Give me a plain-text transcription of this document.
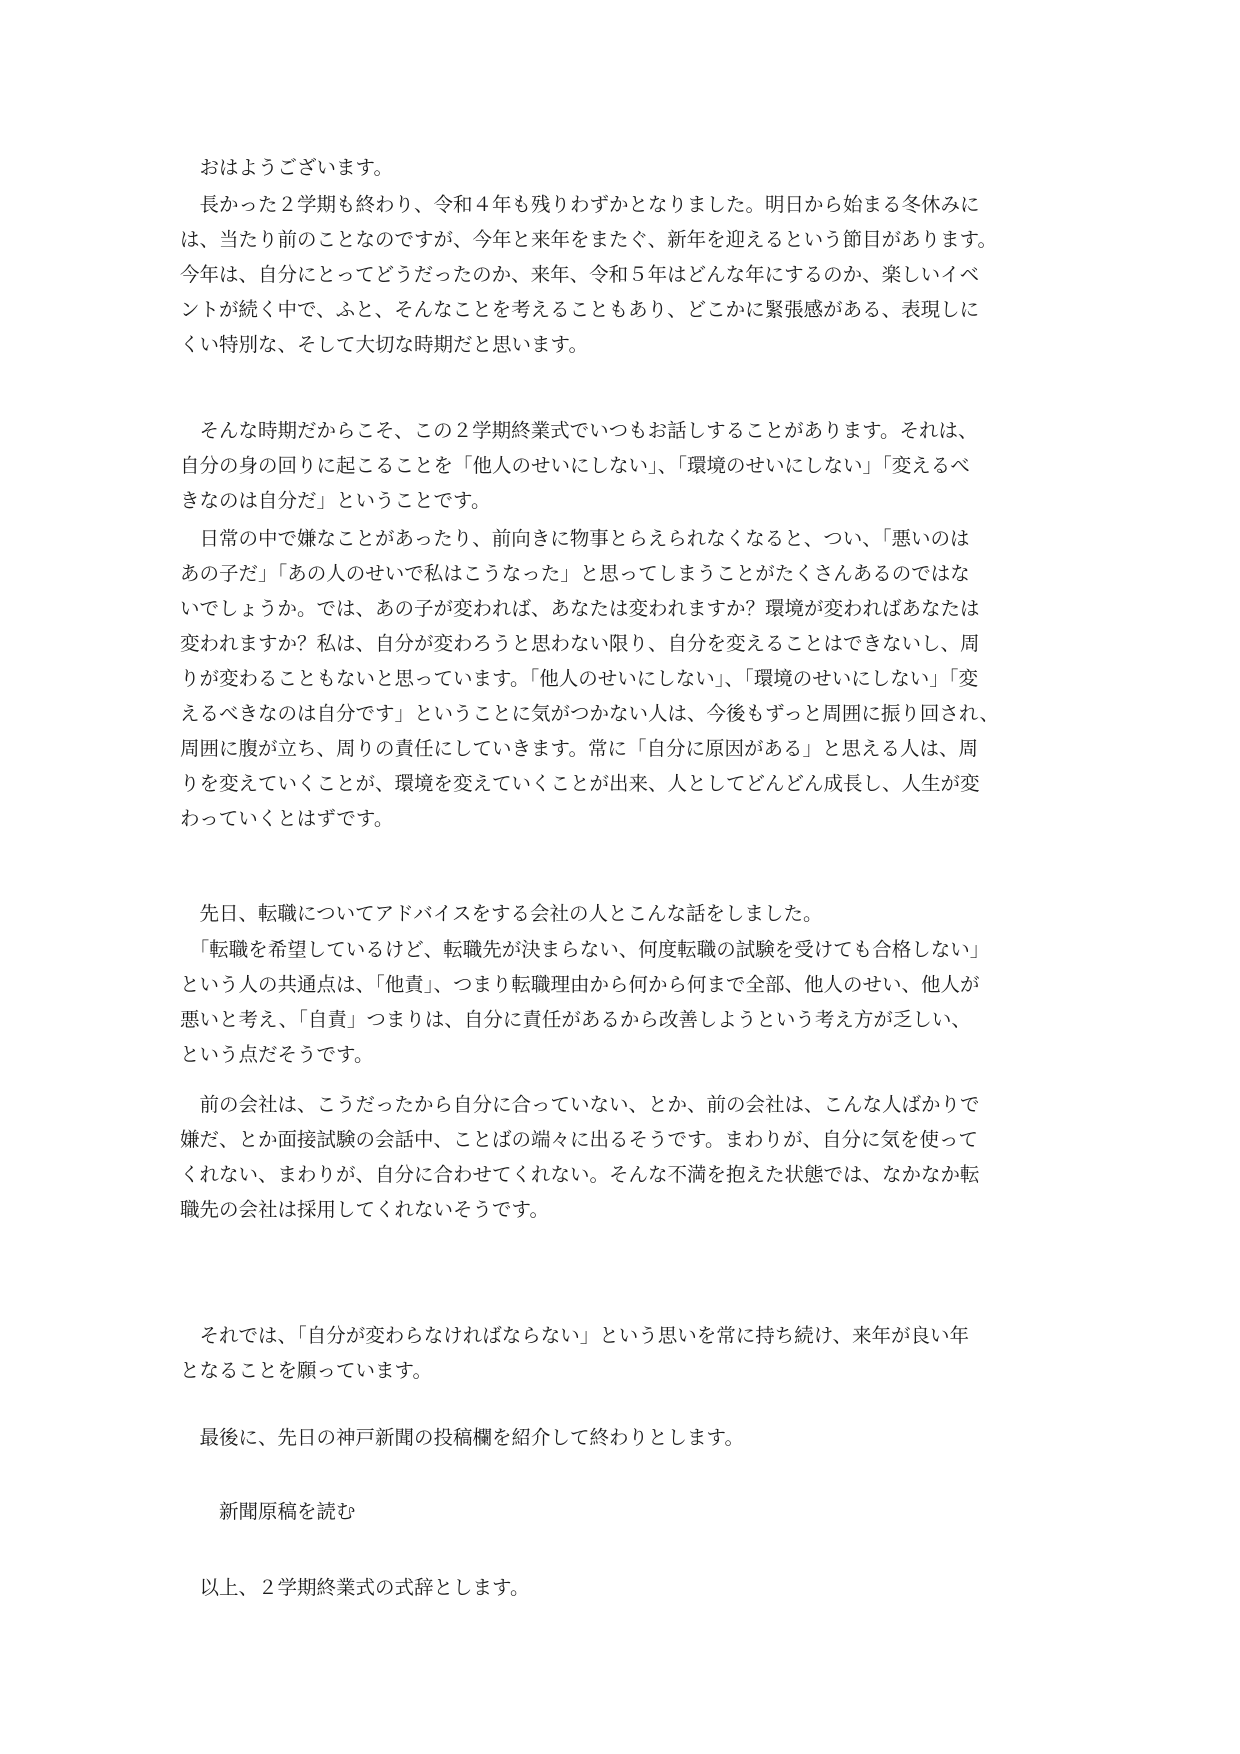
　おはようございます。

　長かった２学期も終わり、令和４年も残りわずかとなりました。明日から始まる冬休みに
は、当たり前のことなのですが、今年と来年をまたぐ、新年を迎えるという節目があります。
今年は、自分にとってどうだったのか、来年、令和５年はどんな年にするのか、楽しいイベ
ントが続く中で、ふと、そんなことを考えることもあり、どこかに緊張感がある、表現しに
くい特別な、そして大切な時期だと思います。

　そんな時期だからこそ、この２学期終業式でいつもお話しすることがあります。それは、
自分の身の回りに起こることを「他人のせいにしない」、「環境のせいにしない」「変えるべ
きなのは自分だ」ということです。

　日常の中で嫌なことがあったり、前向きに物事とらえられなくなると、つい、「悪いのは
あの子だ」「あの人のせいで私はこうなった」と思ってしまうことがたくさんあるのではな
いでしょうか。では、あの子が変われば、あなたは変われますか？環境が変わればあなたは
変われますか？私は、自分が変わろうと思わない限り、自分を変えることはできないし、周
りが変わることもないと思っています。「他人のせいにしない」、「環境のせいにしない」「変
えるべきなのは自分です」ということに気がつかない人は、今後もずっと周囲に振り回され、
周囲に腹が立ち、周りの責任にしていきます。常に「自分に原因がある」と思える人は、周
りを変えていくことが、環境を変えていくことが出来、人としてどんどん成長し、人生が変
わっていくとはずです。

　先日、転職についてアドバイスをする会社の人とこんな話をしました。

　「転職を希望しているけど、転職先が決まらない、何度転職の試験を受けても合格しない」
という人の共通点は、「他責」、つまり転職理由から何から何まで全部、他人のせい、他人が
悪いと考え、「自責」つまりは、自分に責任があるから改善しようという考え方が乏しい、
という点だそうです。

　前の会社は、こうだったから自分に合っていない、とか、前の会社は、こんな人ばかりで
嫌だ、とか面接試験の会話中、ことばの端々に出るそうです。まわりが、自分に気を使って
くれない、まわりが、自分に合わせてくれない。そんな不満を抱えた状態では、なかなか転
職先の会社は採用してくれないそうです。

　それでは、「自分が変わらなければならない」という思いを常に持ち続け、来年が良い年
となることを願っています。

　最後に、先日の神戸新聞の投稿欄を紹介して終わりとします。

　　新聞原稿を読む

　以上、２学期終業式の式辞とします。
